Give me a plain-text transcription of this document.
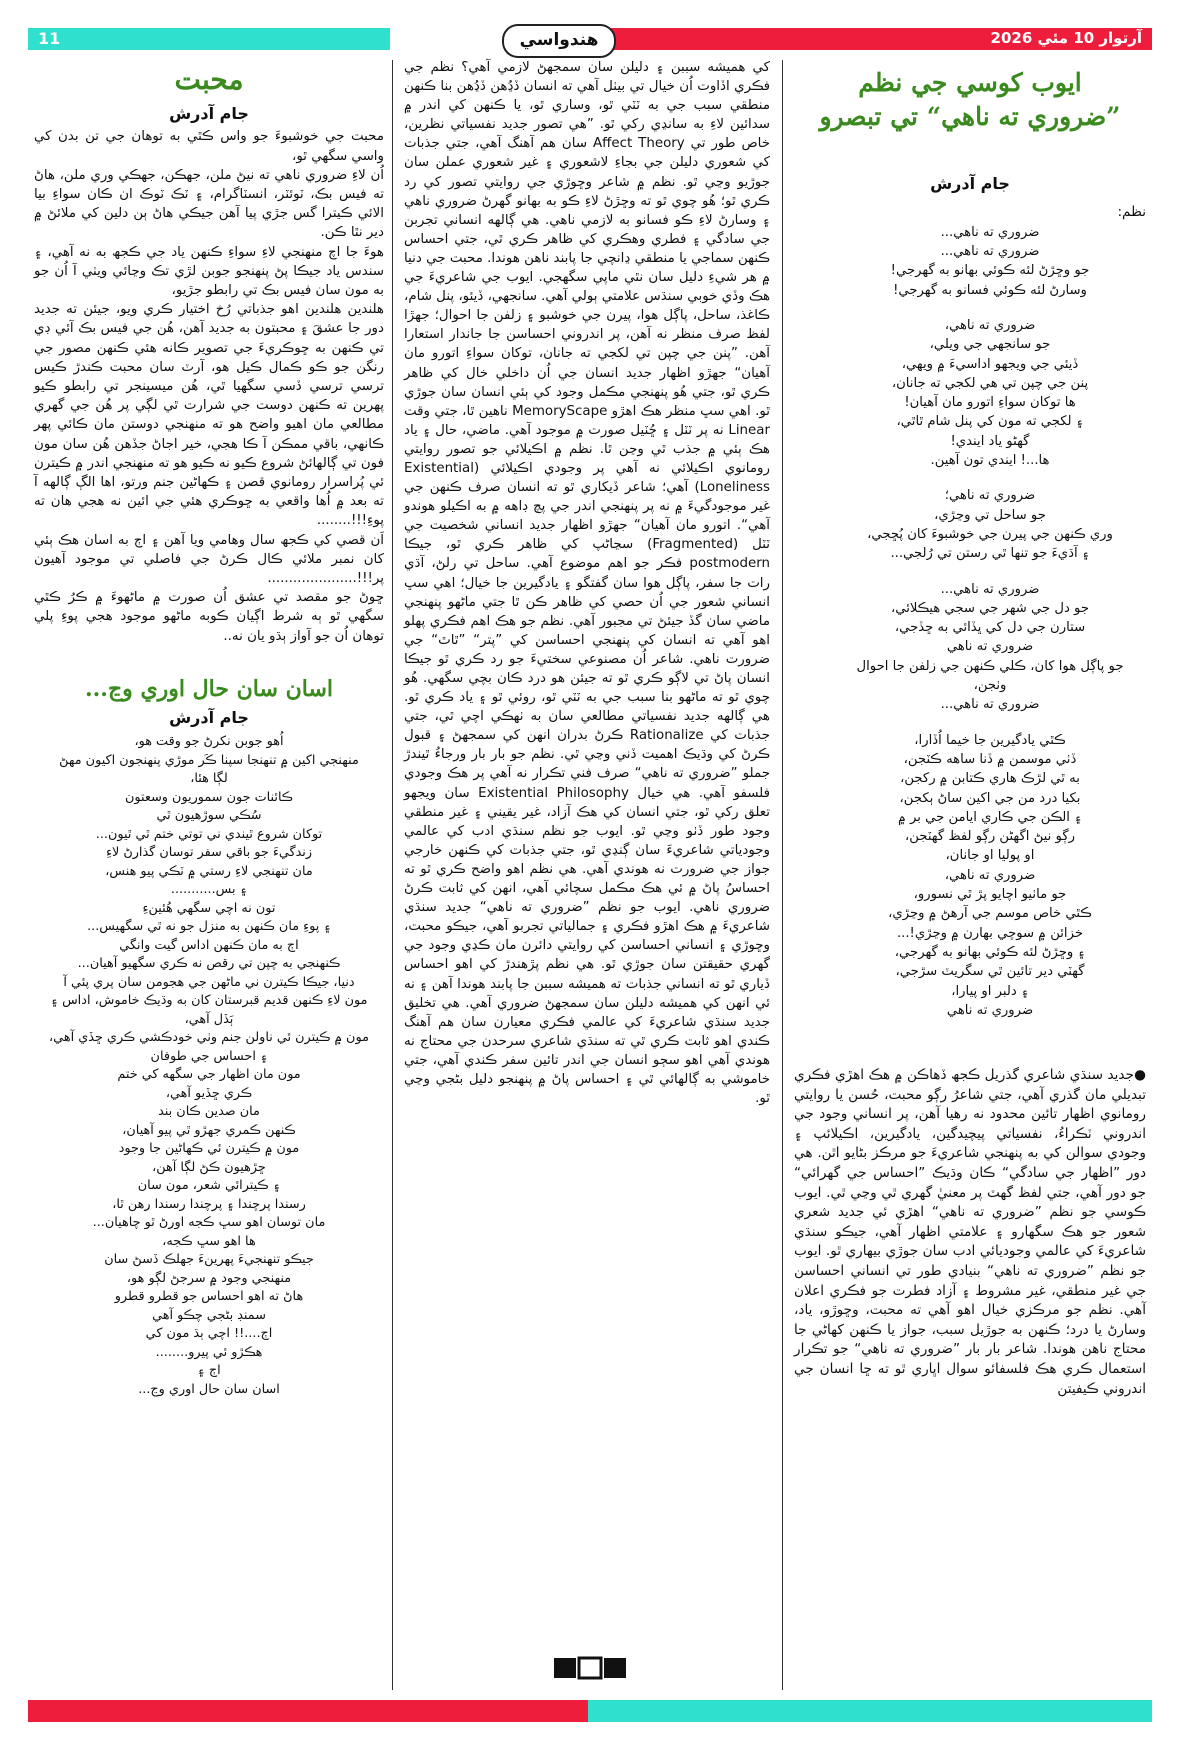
11	آرتوار 10 مئي 2026
هندواسي
ايوب کوسي جي نظم
”ضروري ته ناهي“ تي تبصرو
جام آدرش
نظم:
ضروري ته ناهي...
ضروري ته ناهي...
جو وڇڙڻ لئه ڪوئي بهانو به گهرجي!
وسارڻ لئه ڪوئي فسانو به گهرجي!
ضروري ته ناهي،
جو سانجهي جي ويلي،
ڏيئي جي ويجهو اداسيءَ ۾ ويهي،
پنن جي چپن تي هي لکجي ته جانان،
ها توکان سواءِ اتورو مان آهيان!
۽ لکجي ته مون کي پنل شام ٿاٿي،
گهڻو ياد ايندي!
ها...! ايندي تون آهين.
ضروري ته ناهي؛
جو ساحل تي وڃڙي،
وري ڪنهن جي پيرن جي خوشبوءَ کان پُڇجي،
۽ آڌيءَ جو تنها ٿي رستن تي رُلجي...
ضروري ته ناهي...
جو دل جي شهر جي سجي هيڪلائي،
ستارن جي دل کي ڀڏائي به ڇڏجي،
ضروري ته ناهي
جو پاڳل هوا کان، ڪلي ڪنهن جي زلفن جا احوال
وٺجن،
ضروري ته ناهي...
ڪٿي يادگيرين جا خيما اُڏارا،
ڏٺي موسمن ۾ ڏنا ساهه ڪٽجن،
به ٿي لڙڪ هاري ڪتابن ۾ رکجن،
بکيا درد من جي اکين ساڻ ٻکجن،
۽ الڪن جي ڪاري ايامن جي بر ۾
رڳو نيڻ اگهڻن رڳو لفظ گهٽجن،
او پوليا او جانان،
ضروري ته ناهي،
جو ماٺيو اچايو پڙ ٿي نسورو،
ڪٿي خاص موسم جي آرهڻ ۾ وڃڙي،
خزائن ۾ سوچي بهارن ۾ وڃڙي!...
۽ وڇڙڻ لئه ڪوئي بهانو به گهرجي،
گهٽي دير تائين ٿي سگريٽ سڙجي،
۽ دلبر او پيارا،
ضروري ته ناهي

●جديد سنڌي شاعري گذريل ڪجھ ڏهاڪن ۾ هڪ اهڙي فڪري تبديلي مان گذري آهي، جتي شاعرُ رڳو محبت، حُسن يا روايتي رومانوي اظهار تائين محدود نه رهيا آهن، پر انساني وجود جي اندروني ٽڪراءُ، نفسياتي پيچيدگين، يادگيرين، اڪيلائپ ۽ وجودي سوالن کي به پنهنجي شاعريءَ جو مرڪز بڻايو اٿن. هي دور ”اظهار جي سادگي“ ڪان وڌيڪ ”احساس جي گهرائي“ جو دور آهي، جتي لفظ گهٽ پر معنيٰ گهري ٿي وڃي ٿي. ايوب ڪوسي جو نظم ”ضروري ته ناهي“ اهڙي ئي جديد شعري شعور جو هڪ سگهارو ۽ علامتي اظهار آهي، جيڪو سنڌي شاعريءَ کي عالمي وجوديائي ادب سان جوڙي بيهاري ٿو. ايوب جو نظم ”ضروري ته ناهي“ بنيادي طور تي انساني احساسن جي غير منطقي، غير مشروط ۽ آزاد فطرت جو فڪري اعلان آهي. نظم جو مرڪزي خيال اهو آهي ته محبت، وڇوڙو، ياد، وسارڻ يا درد؛ ڪنهن به جوڙيل سبب، جواز يا ڪنهن کهاڻي جا محتاج ناهن هوندا. شاعر بار بار ”ضروري ته ناهي“ جو تڪرار استعمال ڪري هڪ فلسفائو سوال اڀاري ٿو ته ڇا انسان جي اندروني ڪيفيتن

کي هميشه سببن ۽ دليلن سان سمجهڻ لازمي آهي؟ نظم جي فڪري اڏاوت اُن خيال تي بيٺل آهي ته انسان ڏڍُهن ڏڍُهن بنا ڪنهن منطقي سبب جي به ٽٽي ٿو، وساري ٿو، يا ڪنهن کي اندر ۾ سدائين لاءِ به سانڍي رکي ٿو. ”هي تصور جديد نفسياتي نظرين، خاص طور تي Affect Theory سان هم آهنگ آهي، جتي جذبات کي شعوري دليلن جي بجاءِ لاشعوري ۽ غير شعوري عملن سان جوڙيو وڃي ٿو. نظم ۾ شاعر وڇوڙي جي روايتي تصور کي رد ڪري ٿو؛ هُو چوي ٿو ته وڇڙڻ لاءِ ڪو به بهانو گهرڻ ضروري ناهي ۽ وسارڻ لاءِ ڪو فسانو به لازمي ناهي. هي ڳالهه انساني تجربن جي سادگي ۽ فطري وهڪري کي ظاهر ڪري ٿي، جتي احساس ڪنهن سماجي يا منطقي ڍانچي جا پابند ناهن هوندا. محبت جي دنيا ۾ هر شيءِ دليل سان نٿي ماپي سگهجي. ايوب جي شاعريءَ جي هڪ وڏي خوبي سنڌس علامتي ٻولي آهي. سانجهي، ڏيئو، پنل شام، ڪاغذ، ساحل، پاڳل هوا، پيرن جي خوشبو ۽ زلفن جا احوال؛ جهڙا لفظ صرف منظر نه آهن، پر اندروني احساسن جا جاندار استعارا آهن. ”پنن جي چپن تي لکجي ته جانان، توکان سواءِ اتورو مان آهيان“ جهڙو اظهار جديد انسان جي اُن داخلي خال کي ظاهر ڪري ٿو، جتي هُو پنهنجي مڪمل وجود کي ٻئي انسان سان جوڙي ٿو. اهي سڀ منظر هڪ اهڙو MemoryScape ناهين ٿا، جتي وقت Linear نه پر ٽٽل ۽ ڇُٽيل صورت ۾ موجود آهي. ماضي، حال ۽ ياد هڪ ٻئي ۾ جذب ٿي وڃن ٿا. نظم ۾ اڪيلائي جو تصور روايتي رومانوي اڪيلائي نه آهي پر وجودي اڪيلائي (Existential Loneliness) آهي؛ شاعر ڏيکاري ٿو ته انسان صرف ڪنهن جي غير موجودگيءَ ۾ نه پر پنهنجي اندر جي پچ ڊاهه ۾ به اڪيلو هوندو آهي“. اتورو مان آهيان“ جهڙو اظهار جديد انساني شخصيت جي ٽٽل (Fragmented) سڃاڻپ کي ظاهر ڪري ٿو، جيڪا postmodern فڪر جو اهم موضوع آهي. ساحل تي رلڻ، آڌي رات جا سفر، پاڳل هوا سان گفتگو ۽ يادگيرين جا خيال؛ اهي سڀ انساني شعور جي اُن حصي کي ظاهر ڪن ٿا جتي ماڻهو پنهنجي ماضي سان گڏ جيئڻ تي مجبور آهي. نظم جو هڪ اهم فڪري پهلو اهو آهي ته انسان کي پنهنجي احساسن کي ”پتر“ ”ٿاٿ“ جي ضرورت ناهي. شاعر اُن مصنوعي سختيءَ جو رد ڪري ٿو جيڪا انسان پاڻ تي لاڳو ڪري ٿو ته جيئن هو درد ڪان بچي سگهي. هُو چوي ٿو ته ماڻهو بنا سبب جي به ٽٽي ٿو، روئي ٿو ۽ ياد ڪري ٿو. هي ڳالهه جديد نفسياتي مطالعي سان به ٺهڪي اچي ٿي، جتي جذبات کي Rationalize ڪرڻ بدران انهن کي سمجهڻ ۽ قبول ڪرڻ کي وڌيڪ اهميت ڏني وڃي ٿي. نظم جو بار بار ورجاءُ ٿيندڙ جملو ”ضروري ته ناهي“ صرف فني تڪرار نه آهي پر هڪ وجودي فلسفو آهي. هي خيال Existential Philosophy سان ويجهو تعلق رکي ٿو، جتي انسان کي هڪ آزاد، غير يقيني ۽ غير منطقي وجود طور ڏٺو وڃي ٿو. ايوب جو نظم سنڌي ادب کي عالمي وجودياتي شاعريءَ سان ڳنڍي ٿو، جتي جذبات کي ڪنهن خارجي جواز جي ضرورت نه هوندي آهي. هي نظم اهو واضح ڪري ٿو ته احساسُ پاڻ ۾ ئي هڪ مڪمل سچائي آهي، انهن کي ثابت ڪرڻ ضروري ناهي. ايوب جو نظم ”ضروري ته ناهي“ جديد سنڌي شاعريءَ ۾ هڪ اهڙو فڪري ۽ جمالياتي تجربو آهي، جيڪو محبت، وڇوڙي ۽ انساني احساسن کي روايتي دائرن مان ڪڍي وجود جي گهري حقيقتن سان جوڙي ٿو. هي نظم پڙهندڙ کي اهو احساس ڏياري ٿو ته انساني جذبات ته هميشه سببن جا پابند هوندا آهن ۽ نه ئي انهن کي هميشه دليلن سان سمجهڻ ضروري آهي. هي تخليق جديد سنڌي شاعريءَ کي عالمي فڪري معيارن سان هم آهنگ ڪندي اهو ثابت ڪري ٿي ته سنڌي شاعري سرحدن جي محتاج نه هوندي آهي اهو سڄو انسان جي اندر تائين سفر ڪندي آهي، جتي خاموشي به ڳالهائي ٿي ۽ احساس پاڻ ۾ پنهنجو دليل بڻجي وڃي ٿو.

محبت
جام آدرش

محبت جي خوشبوءَ جو واس ڪٿي به توهان جي تن بدن کي واسي سگهي ٿو،

اُن لاءِ ضروري ناهي ته نيڻ ملن، جهڪن، جهڪي وري ملن، هاڻ ته فيس بڪ، ٽوئٽر، انسٽاگرام، ۽ ٽڪ ٽوڪ ان ڪان سواءِ بيا الائي ڪيترا گس جڙي پيا آهن جيڪي هاڻ ٻن دلين کي ملائڻ ۾ دير نٿا ڪن.

هوءَ جا اچ منهنجي لاءِ سواءِ ڪنهن ياد جي ڪجھ به نه آهي، ۽ سندس ياد جيڪا پڻ پنهنجو جوبن لڙي تڪ وڃائي ويٺي آ اُن جو به مون سان فيس بڪ تي رابطو جڙيو،

هلندين هلندين اهو جذباتي رُخ اختيار ڪري ويو، جيئن ته جديد دور جا عشقَ ۽ محبتون به جديد آهن، هُن جي فيس بڪ آئي ڊي تي ڪنهن به ڇوڪريءَ جي تصوير ڪانه هئي ڪنهن مصور جي رنگن جو ڪو ڪمال ڪيل هو، آرٽ سان محبت ڪندڙ ڪيس ترسي ترسي ڏسي سگهيا ٿي، هُن ميسينجر تي رابطو ڪيو پهرين ته ڪنهن دوست جي شرارت ٿي لڳي پر هُن جي گهري مطالعي مان اهيو واضح هو ته منهنجي دوستن مان ڪائي پهر ڪانهي، باقي ممڪن آ ڪا هجي، خير اجاڻ جڏهن هُن سان مون فون تي ڳالهائڻ شروع ڪيو نه ڪيو هو ته منهنجي اندر ۾ ڪيترن ئي پُراسرار رومانوي قصن ۽ ڪهاڻين جنم ورتو، اها الڳ ڳالهه آ ته بعد ۾ اُها واقعي به ڇوڪري هئي جي ائين نه هجي هان ته پوءِ!!!........

اَن قصي کي ڪجھ سال وهامي ويا آهن ۽ اڄ به اسان هڪ ٻئي کان نمبر ملائي ڪال ڪرڻ جي فاصلي تي موجود آهيون پر!!!.....................

ڇوڻ جو مقصد تي عشق اُن صورت ۾ ماڻهوءَ ۾ ڪرُ ڪٿي سگهي ٿو ٻه شرط اڳيان ڪوبه ماڻهو موجود هجي پوءِ پلي توهان اُن جو آواز ٻڌو يان نه..

اسان سان حال اوري وڃ...
جام آدرش
اُهو جوبن نکرڻ جو وقت هو،
منهنجي اکين ۾ تنهنجا سپنا ڪَر موڙي پنهنجون اکيون مهڻ
لڳا هئا،
ڪائنات جون سموريون وسعتون
سُڪي سوڙهيون ٿي
توکان شروع ٿيندي ني توتي ختم ٿي ٿيون...
زندگيءَ جو باقي سفر توسان گذارڻ لاءِ
مان تنهنجي لاءِ رستي ۾ ٽڪي پيو هنس،
۽ بس...........
تون نه اچي سگهي هُئينءِ
۽ پوءِ مان ڪنهن به منزل جو نه ٿي سگهيس...
اڄ به مان ڪنهن اداس گيت وانگي
ڪنهنجي به چپن تي رقص نه ڪري سگهيو آهيان...
دنيا، جيڪا ڪيترن ني ماڻهن جي هجومن سان پري پئي آ
مون لاءِ ڪنهن قديم قبرستان کان به وڌيڪ خاموش، اداس ۽
ٻَڏل آهي،
مون ۾ ڪيترن ئي ناولن جنم وٺي خودڪشي ڪري ڇڏي آهي،
۽ احساس جي طوفان
مون مان اظهار جي سگهه کي ختم
ڪري ڇڏيو آهي،
مان صدين ڪان بند
ڪنهن ڪمري جهڙو ٿي پيو آهيان،
مون ۾ ڪيترن ئي ڪهاڻين جا وجود
ڇڙهيون ڪڻ لڳا آهن،
۽ ڪيترائي شعر، مون سان
رسندا پرچندا ۽ پرچندا رسندا رهن ٿا،
مان توسان اهو سڀ ڪجه اورڻ ٿو چاهيان...
ها اهو سڀ ڪجه،
جيڪو تنهنجيءَ پهرينءَ جهلڪ ڏسڻ سان
منهنجي وجود ۾ سرجڻ لڳو هو،
هاڻ ته اهو احساس جو قطرو قطرو
سمنڊ بڻجي چڪو آهي
اڄ....!! اچي ٻڌ مون کي
هڪڙو ئي پيرو........
اڄ ۽
اسان سان حال اوري وڃ...
